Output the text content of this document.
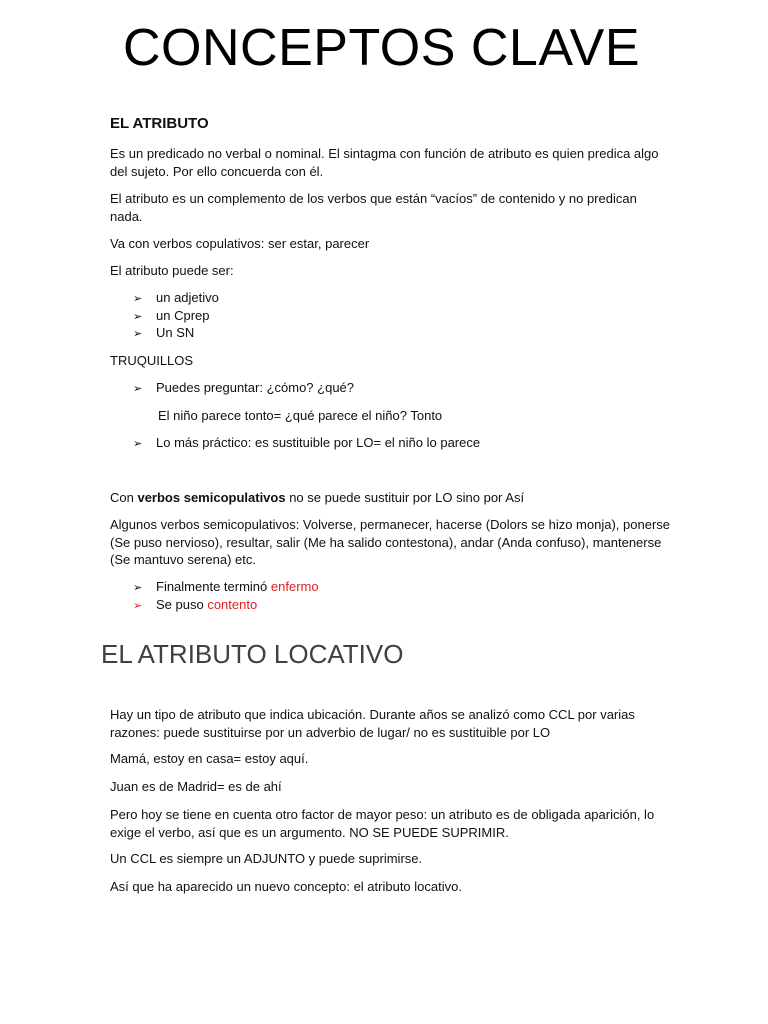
CONCEPTOS CLAVE
EL ATRIBUTO

Es un predicado no verbal o nominal. El sintagma con función de atributo es quien predica algo del sujeto. Por ello concuerda con él.

El atributo es un complemento de los verbos que están “vacíos” de contenido y no predican nada.

Va con verbos copulativos: ser estar, parecer

El atributo puede ser:

➢ un adjetivo

➢ un Cprep

➢ Un SN

TRUQUILLOS

➢ Puedes preguntar: ¿cómo? ¿qué?

El niño parece tonto= ¿qué parece el niño? Tonto

➢ Lo más práctico: es sustituible por LO= el niño lo parece

Con verbos semicopulativos no se puede sustituir por LO sino por Así

Algunos verbos semicopulativos: Volverse, permanecer, hacerse (Dolors se hizo monja), ponerse (Se puso nervioso), resultar, salir (Me ha salido contestona), andar (Anda confuso), mantenerse (Se mantuvo serena) etc.

➢ Finalmente terminó enfermo

➢ Se puso contento

EL ATRIBUTO LOCATIVO

Hay un tipo de atributo que indica ubicación. Durante años se analizó como CCL por varias razones: puede sustituirse por un adverbio de lugar/ no es sustituible por LO

Mamá, estoy en casa= estoy aquí.

Juan es de Madrid= es de ahí

Pero hoy se tiene en cuenta otro factor de mayor peso: un atributo es de obligada aparición, lo exige el verbo, así que es un argumento. NO SE PUEDE SUPRIMIR.

Un CCL es siempre un ADJUNTO y puede suprimirse.

Así que ha aparecido un nuevo concepto: el atributo locativo.
